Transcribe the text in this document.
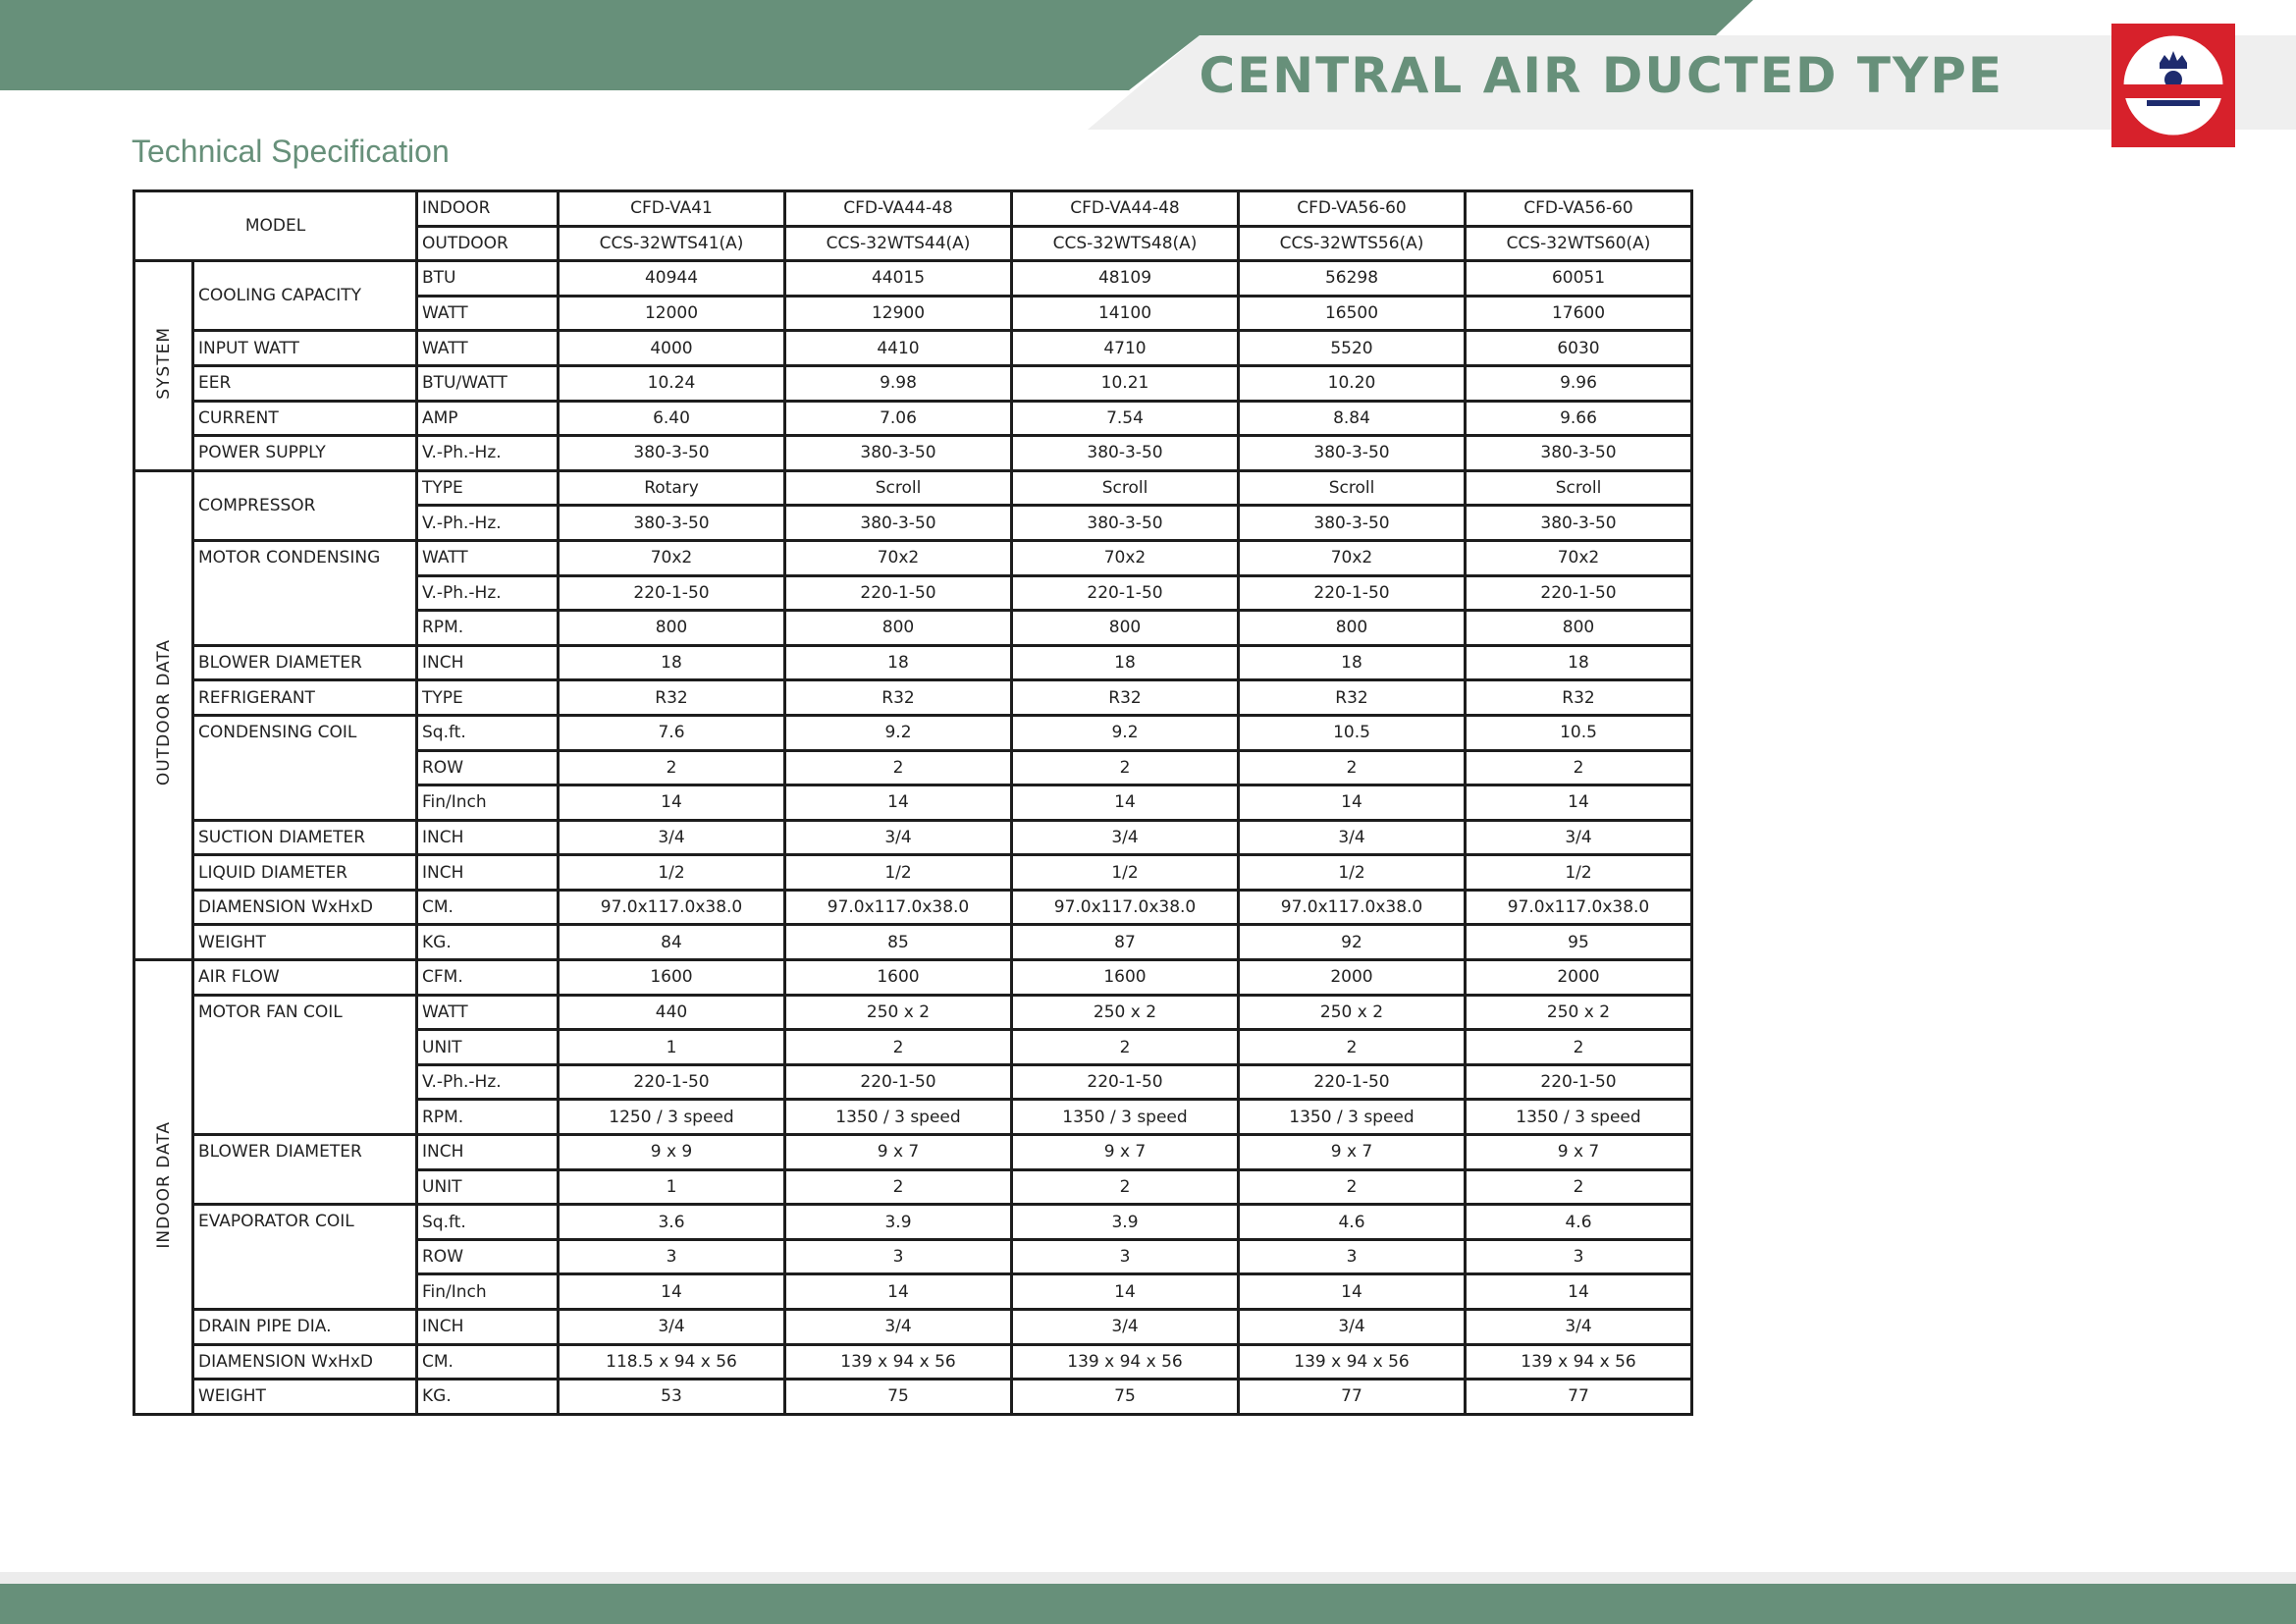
CENTRAL AIR DUCTED TYPE
Technical Specification
MODEL		INDOOR	CFD-VA41	CFD-VA44-48	CFD-VA44-48	CFD-VA56-60	CFD-VA56-60
		OUTDOOR	CCS-32WTS41(A)	CCS-32WTS44(A)	CCS-32WTS48(A)	CCS-32WTS56(A)	CCS-32WTS60(A)
SYSTEM	COOLING CAPACITY	BTU	40944	44015	48109	56298	60051
		WATT	12000	12900	14100	16500	17600
	INPUT WATT	WATT	4000	4410	4710	5520	6030
	EER	BTU/WATT	10.24	9.98	10.21	10.20	9.96
	CURRENT	AMP	6.40	7.06	7.54	8.84	9.66
	POWER SUPPLY	V.-Ph.-Hz.	380-3-50	380-3-50	380-3-50	380-3-50	380-3-50
OUTDOOR DATA	COMPRESSOR	TYPE	Rotary	Scroll	Scroll	Scroll	Scroll
		V.-Ph.-Hz.	380-3-50	380-3-50	380-3-50	380-3-50	380-3-50
	MOTOR CONDENSING	WATT	70x2	70x2	70x2	70x2	70x2
		V.-Ph.-Hz.	220-1-50	220-1-50	220-1-50	220-1-50	220-1-50
		RPM.	800	800	800	800	800
	BLOWER DIAMETER	INCH	18	18	18	18	18
	REFRIGERANT	TYPE	R32	R32	R32	R32	R32
	CONDENSING COIL	Sq.ft.	7.6	9.2	9.2	10.5	10.5
		ROW	2	2	2	2	2
		Fin/Inch	14	14	14	14	14
	SUCTION DIAMETER	INCH	3/4	3/4	3/4	3/4	3/4
	LIQUID DIAMETER	INCH	1/2	1/2	1/2	1/2	1/2
	DIAMENSION WxHxD	CM.	97.0x117.0x38.0	97.0x117.0x38.0	97.0x117.0x38.0	97.0x117.0x38.0	97.0x117.0x38.0
	WEIGHT	KG.	84	85	87	92	95
INDOOR DATA	AIR FLOW	CFM.	1600	1600	1600	2000	2000
	MOTOR FAN COIL	WATT	440	250 x 2	250 x 2	250 x 2	250 x 2
		UNIT	1	2	2	2	2
		V.-Ph.-Hz.	220-1-50	220-1-50	220-1-50	220-1-50	220-1-50
		RPM.	1250 / 3 speed	1350 / 3 speed	1350 / 3 speed	1350 / 3 speed	1350 / 3 speed
	BLOWER DIAMETER	INCH	9 x 9	9 x 7	9 x 7	9 x 7	9 x 7
		UNIT	1	2	2	2	2
	EVAPORATOR COIL	Sq.ft.	3.6	3.9	3.9	4.6	4.6
		ROW	3	3	3	3	3
		Fin/Inch	14	14	14	14	14
	DRAIN PIPE DIA.	INCH	3/4	3/4	3/4	3/4	3/4
	DIAMENSION WxHxD	CM.	118.5 x 94 x 56	139 x 94 x 56	139 x 94 x 56	139 x 94 x 56	139 x 94 x 56
	WEIGHT	KG.	53	75	75	77	77
